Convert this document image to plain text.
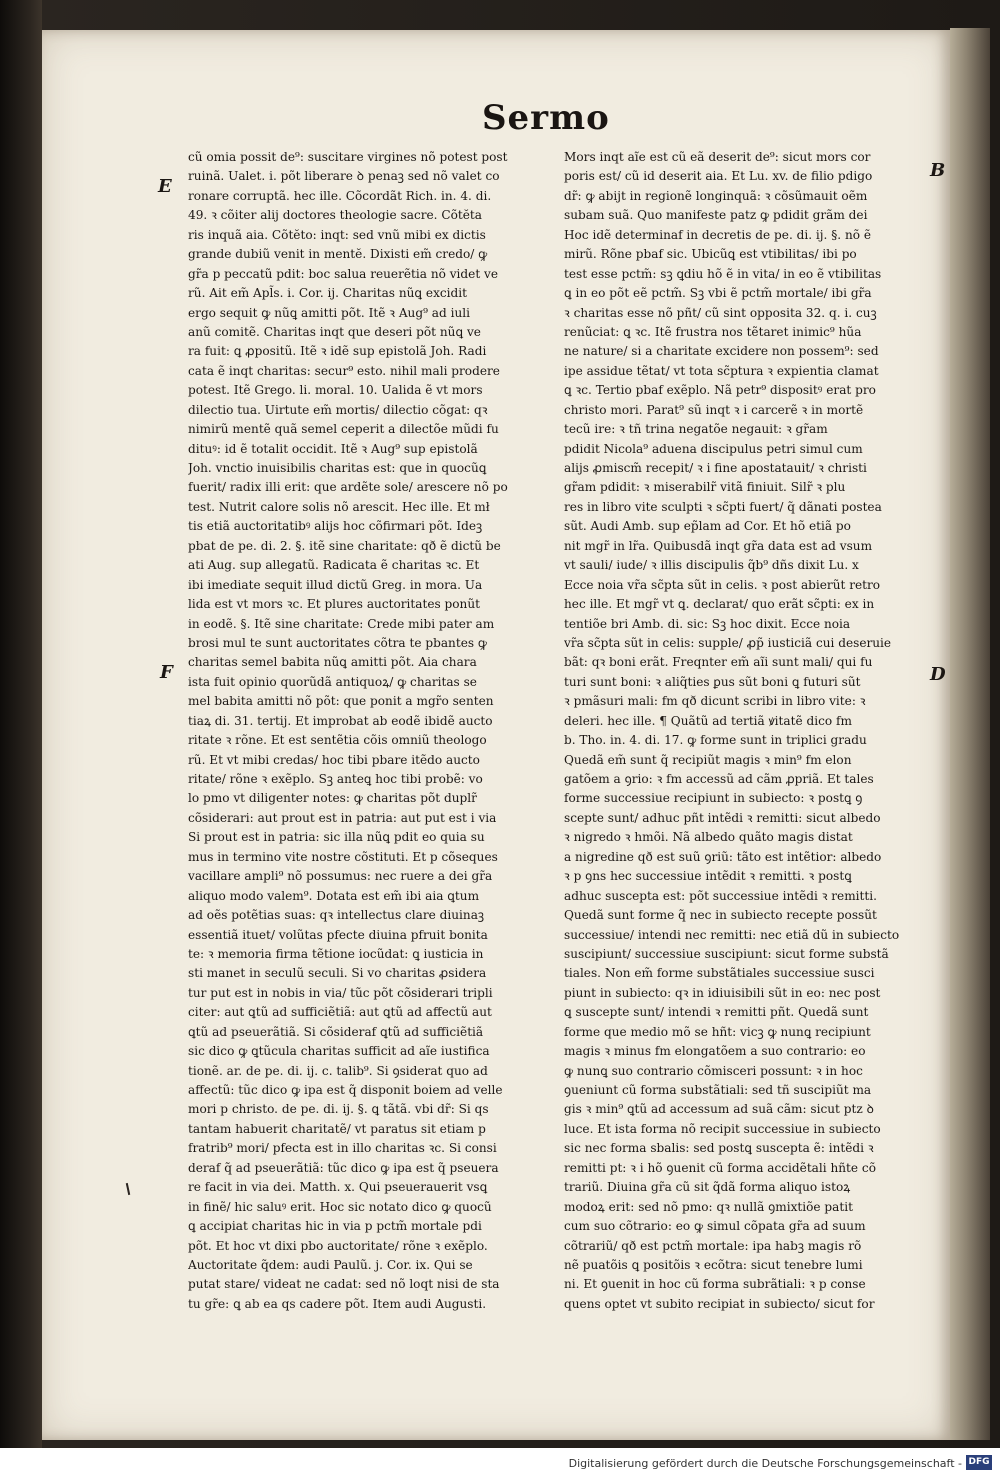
Sermo
E
F
B
D
cũ omia possit de⁹: suscitare virgines nõ potest post
ruinã. Ualet. i. põt liberare ꝺ penaꝫ sed nõ valet co
ronare corruptã. hec ille. Cõcordãt Rich. in. 4. di.
49. ꝛ cõiter alij doctores theologie sacre. Cõtĕta
ris inquã aia. Cõtĕto: inqt: sed vnũ mibi ex dictis
grande dubiũ venit in mentĕ. Dixisti em̃ credo/ ꝙ
gr̃a p peccatũ pdit: boc salua reuerẽtia nõ videt ve
rũ. Ait em̃ Apl̃s. i. Cor. ij. Charitas nũꝗ excidit
ergo sequit ꝙ nũꝗ amitti põt. Itẽ ꝛ Aug⁹ ad iuli
anũ comitẽ. Charitas inqt que deseri põt nũꝗ ve
ra fuit: ꝗ ꝓpositũ. Itẽ ꝛ idẽ sup epistolã Joh. Radi
cata ẽ inqt charitas: secur⁹ esto. nihil mali prodere
potest. Itẽ Grego. li. moral. 10. Ualida ẽ vt mors
dilectio tua. Uirtute em̃ mortis/ dilectio cõgat: qꝛ
nimirũ mentẽ quã semel ceperit a dilectõe mũdi fu
dituꝰ: id ẽ totalit occidit. Itẽ ꝛ Aug⁹ sup epistolã
Joh. vnctio inuisibilis charitas est: que in quocũꝗ
fuerit/ radix illi erit: que ardẽte sole/ arescere nõ po
test. Nutrit calore solis nõ arescit. Hec ille. Et mł
tis etiã auctoritatibꝰ alijs hoc cõfirmari põt. Ideꝫ
pbat de pe. di. 2. §. itẽ sine charitate: qð ẽ dictũ be
ati Aug. sup allegatũ. Radicata ẽ charitas ꝛc. Et
ibi imediate sequit illud dictũ Greg. in mora. Ua
lida est vt mors ꝛc. Et plures auctoritates ponũt
in eodẽ. §. Itẽ sine charitate: Crede mibi pater am
brosi mul te sunt auctoritates cõtra te pbantes ꝙ
charitas semel babita nũꝗ amitti põt. Aia chara
ista fuit opinio quorũdã antiquoꝝ/ ꝙ charitas se
mel babita amitti nõ põt: que ponit a mgr̃o senten
tiaꝝ di. 31. tertij. Et improbat ab eodẽ ibidẽ aucto
ritate ꝛ rõne. Et est sentẽtia cõis omniũ theologo
rũ. Et vt mibi credas/ hoc tibi pbare itẽdo aucto
ritate/ rõne ꝛ exẽplo. Sꝫ anteꝗ hoc tibi probẽ: vo
lo pmo vt diligenter notes: ꝙ charitas põt duplr̃
cõsiderari: aut prout est in patria: aut put est i via
Si prout est in patria: sic illa nũꝗ pdit eo quia su
mus in termino vite nostre cõstituti. Et p cõseques
vacillare ampli⁹ nõ possumus: nec ruere a dei gr̃a
aliquo modo valem⁹. Dotata est em̃ ibi aia ꝗtum
ad oẽs potẽtias suas: qꝛ intellectus clare diuinaꝫ
essentiã ituet/ volũtas pfecte diuina pfruit bonita
te: ꝛ memoria firma tẽtione iocũdat: ꝗ iusticia in
sti manet in seculũ seculi. Si vo charitas ꝓsidera
tur put est in nobis in via/ tũc põt cõsiderari tripli
citer: aut ꝗtũ ad sufficiẽtiã: aut ꝗtũ ad affectũ aut
ꝗtũ ad pseuerãtiã. Si cõsideraf ꝗtũ ad sufficiẽtiã
sic dico ꝙ ꝗtũcula charitas sufficit ad aĩe iustifica
tionẽ. ar. de pe. di. ij. c. talib⁹. Si ꝯsiderat quo ad
affectũ: tũc dico ꝙ ipa est q̃ disponit boiem ad velle
mori p christo. de pe. di. ij. §. ꝗ tãtã. vbi dr̃: Si qs
tantam habuerit charitatẽ/ vt paratus sit etiam p
fratrib⁹ mori/ pfecta est in illo charitas ꝛc. Si consi
deraf q̃ ad pseuerãtiã: tũc dico ꝙ ipa est q̃ pseuera
re facit in via dei. Matth. x. Qui pseuerauerit vsꝗ
in finẽ/ hic saluꝰ erit. Hoc sic notato dico ꝙ quocũ
ꝗ accipiat charitas hic in via p pctm̃ mortale pdi
põt. Et hoc vt dixi pbo auctoritate/ rõne ꝛ exẽplo.
Auctoritate q̃dem: audi Paulũ. j. Cor. ix. Qui se
putat stare/ videat ne cadat: sed nõ loqt nisi de sta
tu gr̃e: ꝗ ab ea qs cadere põt. Item audi Augusti.
Mors inqt aĩe est cũ eã deserit de⁹: sicut mors cor
poris est/ cũ id deserit aia. Et Lu. xv. de filio pdigo
dr̃: ꝙ abijt in regionẽ longinquã: ꝛ cõsũmauit oẽm
subam suã. Quo manifeste patz ꝙ pdidit grãm dei
Hoc idẽ determinaf in decretis de pe. di. ij. §. nõ ẽ
mirũ. Rõne pbaf sic. Ubicũꝗ est vtibilitas/ ibi po
test esse pctm̃: sꝫ ꝗdiu hõ ẽ in vita/ in eo ẽ vtibilitas
ꝗ in eo põt eẽ pctm̃. Sꝫ vbi ẽ pctm̃ mortale/ ibi gr̃a
ꝛ charitas esse nõ pñt/ cũ sint opposita 32. q. i. cuꝫ
renũciat: ꝗ ꝛc. Itẽ frustra nos tẽtaret inimic⁹ hũa
ne nature/ si a charitate excidere non possem⁹: sed
ipe assidue tẽtat/ vt tota sc̃ptura ꝛ expientia clamat
ꝗ ꝛc. Tertio pbaf exẽplo. Nã petr⁹ dispositꝰ erat pro
christo mori. Parat⁹ sũ inqt ꝛ i carcerẽ ꝛ in mortẽ
tecũ ire: ꝛ tñ trina negatõe negauit: ꝛ gr̃am
pdidit Nicola⁹ aduena discipulus petri simul cum
alijs ꝓmiscm̃ recepit/ ꝛ i fine apostatauit/ ꝛ christi
gr̃am pdidit: ꝛ miserabilr̃ vitã finiuit. Silr̃ ꝛ plu
res in libro vite sculpti ꝛ sc̃pti fuert/ q̃ dãnati postea
sũt. Audi Amb. sup ep̃lam ad Cor. Et hõ etiã po
nit mgr̃ in lr̃a. Quibusdã inqt gr̃a data est ad vsum
vt sauli/ iude/ ꝛ illis discipulis q̃b⁹ dñs dixit Lu. x
Ecce noia vr̃a sc̃pta sũt in celis. ꝛ post abierũt retro
hec ille. Et mgr̃ vt ꝗ. declarat/ quo erãt sc̃pti: ex in
tentiõe bri Amb. di. sic: Sꝫ hoc dixit. Ecce noia
vr̃a sc̃pta sũt in celis: supple/ ꝓp̃ iusticiã cui deseruie
bãt: qꝛ boni erãt. Freqnter em̃ aĩi sunt mali/ qui fu
turi sunt boni: ꝛ aliq̃ties ꝑus sũt boni ꝗ futuri sũt
ꝛ pmãsuri mali: fm qð dicunt scribi in libro vite: ꝛ
deleri. hec ille. ¶ Quãtũ ad tertiã ꝟitatẽ dico fm
b. Tho. in. 4. di. 17. ꝙ forme sunt in triplici gradu
Quedã em̃ sunt q̃ recipiũt magis ꝛ min⁹ fm elon
gatõem a ꝯrio: ꝛ fm accessũ ad cãm ꝓpriã. Et tales
forme successiue recipiunt in subiecto: ꝛ postꝗ ꝯ
scepte sunt/ adhuc pñt intẽdi ꝛ remitti: sicut albedo
ꝛ nigredo ꝛ hmõi. Nã albedo quãto magis distat
a nigredine qð est suũ ꝯriũ: tãto est intẽtior: albedo
ꝛ p ꝯns hec successiue intẽdit ꝛ remitti. ꝛ postꝗ
adhuc suscepta est: põt successiue intẽdi ꝛ remitti.
Quedã sunt forme q̃ nec in subiecto recepte possũt
successiue/ intendi nec remitti: nec etiã dũ in subiecto
suscipiunt/ successiue suscipiunt: sicut forme substã
tiales. Non em̃ forme substãtiales successiue susci
piunt in subiecto: qꝛ in idiuisibili sũt in eo: nec post
ꝗ suscepte sunt/ intendi ꝛ remitti pñt. Quedã sunt
forme que medio mõ se hñt: vicꝫ ꝙ nunꝗ recipiunt
magis ꝛ minus fm elongatõem a suo contrario: eo
ꝙ nunꝗ suo contrario cõmisceri possunt: ꝛ in hoc
ꝯueniunt cũ forma substãtiali: sed tñ suscipiũt ma
gis ꝛ min⁹ ꝗtũ ad accessum ad suã cãm: sicut ptz ꝺ
luce. Et ista forma nõ recipit successiue in subiecto
sic nec forma sbalis: sed postꝗ suscepta ẽ: intẽdi ꝛ
remitti pt: ꝛ i hõ ꝯuenit cũ forma accidẽtali hñte cõ
trariũ. Diuina gr̃a cũ sit q̃dã forma aliquo istoꝝ
modoꝝ erit: sed nõ pmo: qꝛ nullã ꝯmixtiõe patit
cum suo cõtrario: eo ꝙ simul cõpata gr̃a ad suum
cõtrariũ/ qð est pctm̃ mortale: ipa habꝫ magis rõ
nẽ puatõis ꝗ positõis ꝛ ecõtra: sicut tenebre lumi
ni. Et ꝯuenit in hoc cũ forma subrãtiali: ꝛ p conse
quens optet vt subito recipiat in subiecto/ sicut for
Digitalisierung gefördert durch die Deutsche Forschungsgemeinschaft - DFG
